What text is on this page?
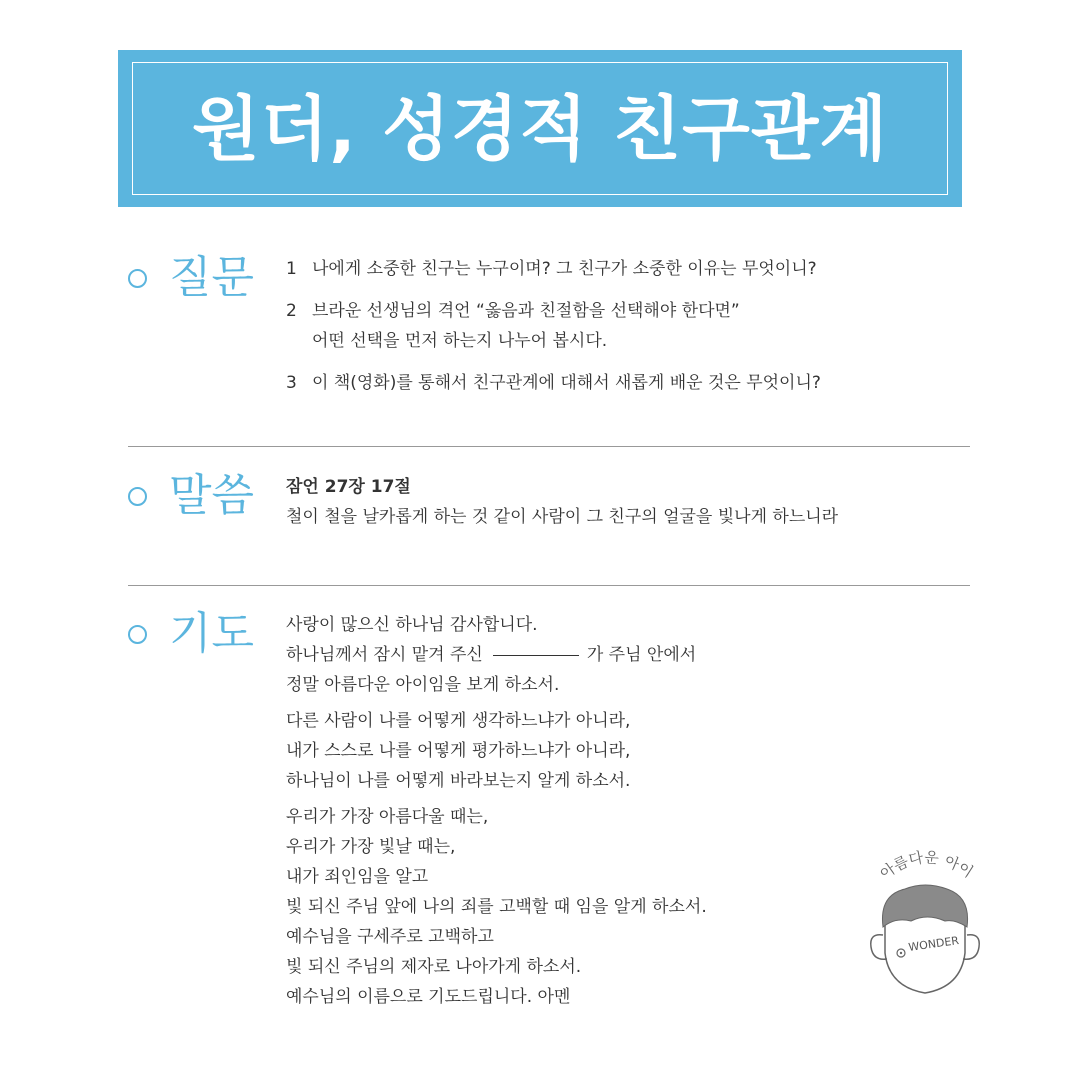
원더, 성경적 친구관계
질문 1 나에게 소중한 친구는 누구이며? 그 친구가 소중한 이유는 무엇이니?
2 브라운 선생님의 격언 “옳음과 친절함을 선택해야 한다면”
어떤 선택을 먼저 하는지 나누어 봅시다.
3 이 책(영화)를 통해서 친구관계에 대해서 새롭게 배운 것은 무엇이니?
말씀 잠언 27장 17절
철이 철을 날카롭게 하는 것 같이 사람이 그 친구의 얼굴을 빛나게 하느니라
기도 사랑이 많으신 하나님 감사합니다.
하나님께서 잠시 맡겨 주신	가 주님 안에서
정말 아름다운 아이임을 보게 하소서.
다른 사람이 나를 어떻게 생각하느냐가 아니라,
내가 스스로 나를 어떻게 평가하느냐가 아니라,
하나님이 나를 어떻게 바라보는지 알게 하소서.
우리가 가장 아름다울 때는,
우리가 가장 빛날 때는,
내가 죄인임을 알고
빛 되신 주님 앞에 나의 죄를 고백할 때 임을 알게 하소서.
예수님을 구세주로 고백하고
빛 되신 주님의 제자로 나아가게 하소서.
예수님의 이름으로 기도드립니다. 아멘
아름다운 아이
WONDER
